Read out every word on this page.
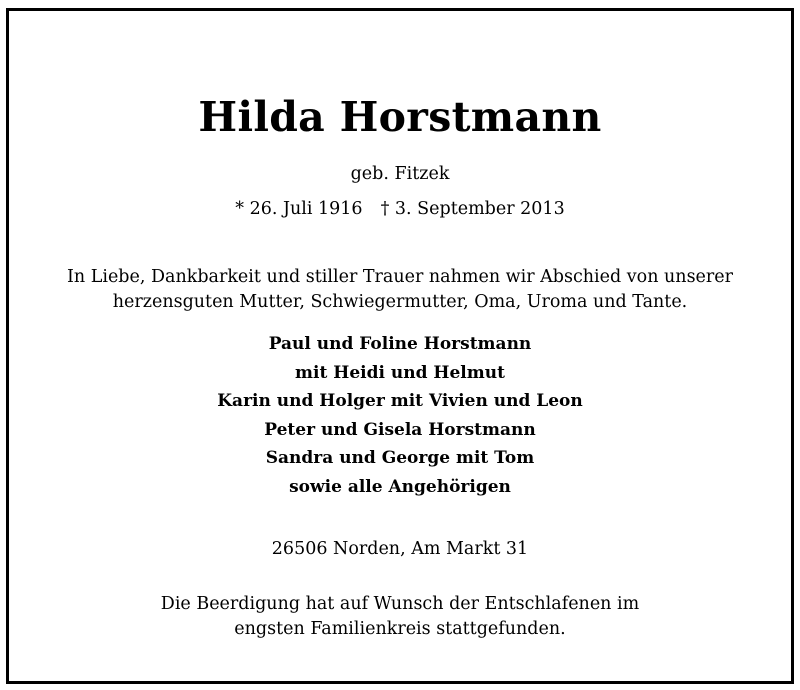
Hilda Horstmann
geb. Fitzek
* 26. Juli 1916 † 3. September 2013
In Liebe, Dankbarkeit und stiller Trauer nahmen wir Abschied von unserer
herzensguten Mutter, Schwiegermutter, Oma, Uroma und Tante.
Paul und Foline Horstmann
mit Heidi und Helmut
Karin und Holger mit Vivien und Leon
Peter und Gisela Horstmann
Sandra und George mit Tom
sowie alle Angehörigen
26506 Norden, Am Markt 31
Die Beerdigung hat auf Wunsch der Entschlafenen im
engsten Familienkreis stattgefunden.
